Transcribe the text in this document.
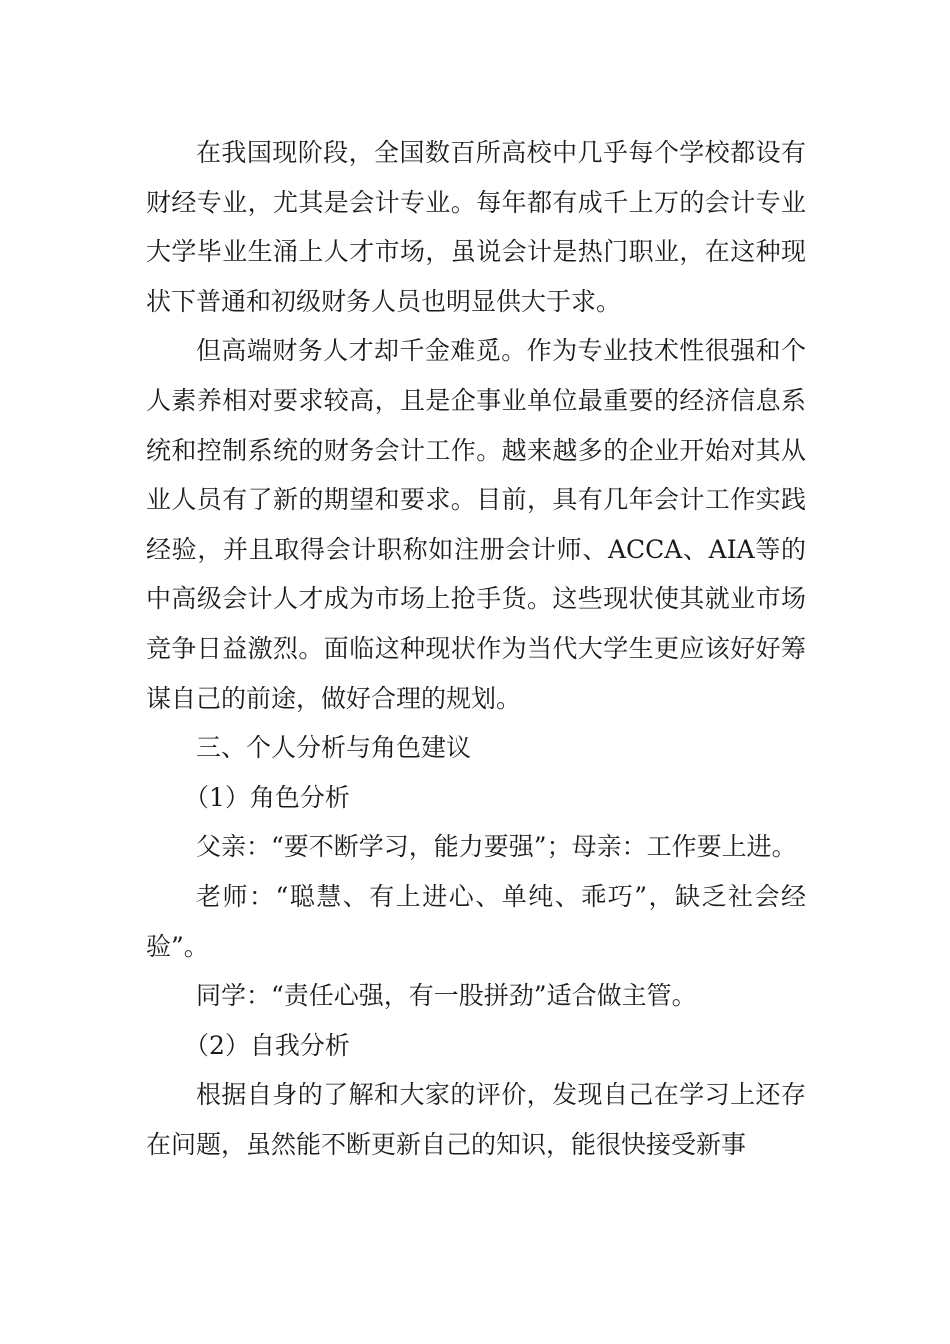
在我国现阶段，全国数百所高校中几乎每个学校都设有财经专业，尤其是会计专业。每年都有成千上万的会计专业大学毕业生涌上人才市场，虽说会计是热门职业，在这种现状下普通和初级财务人员也明显供大于求。

但高端财务人才却千金难觅。作为专业技术性很强和个人素养相对要求较高，且是企事业单位最重要的经济信息系统和控制系统的财务会计工作。越来越多的企业开始对其从业人员有了新的期望和要求。目前，具有几年会计工作实践经验，并且取得会计职称如注册会计师、ACCA、AIA等的中高级会计人才成为市场上抢手货。这些现状使其就业市场竞争日益激烈。面临这种现状作为当代大学生更应该好好筹谋自己的前途，做好合理的规划。

三、个人分析与角色建议

（1）角色分析

父亲：“要不断学习，能力要强”；母亲：工作要上进。

老师：“聪慧、有上进心、单纯、乖巧”，缺乏社会经验”。

同学：“责任心强，有一股拼劲”适合做主管。

（2）自我分析

根据自身的了解和大家的评价，发现自己在学习上还存在问题，虽然能不断更新自己的知识，能很快接受新事
